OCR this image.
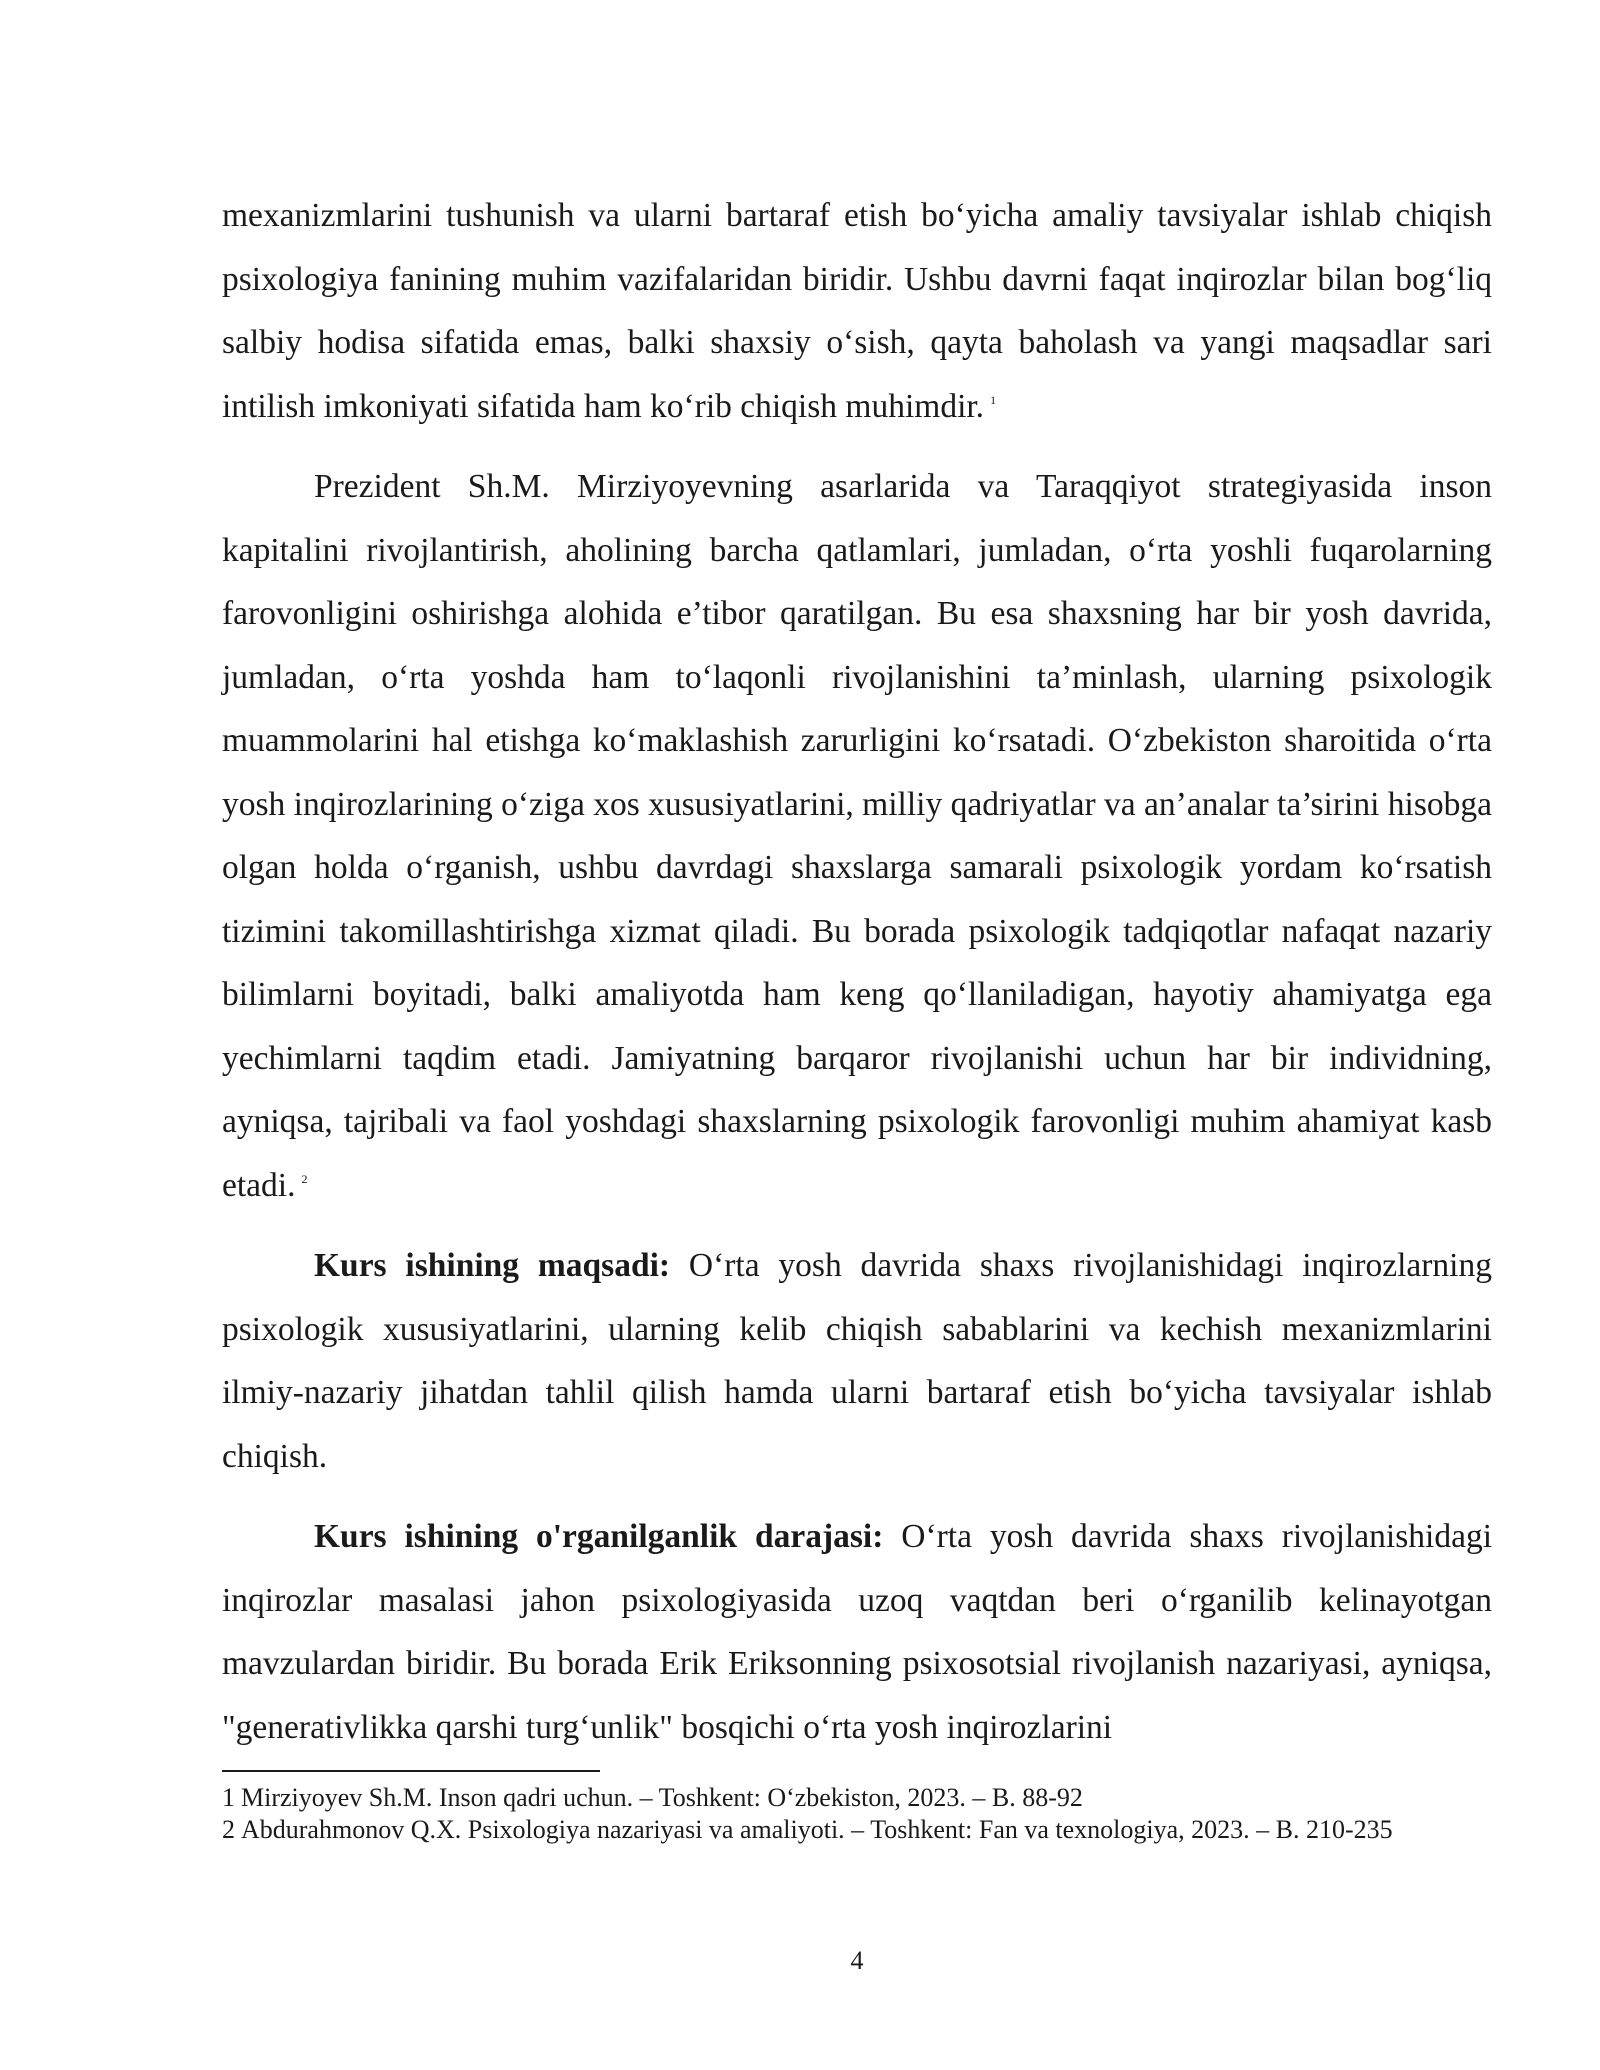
mexanizmlarini tushunish va ularni bartaraf etish bo‘yicha amaliy tavsiyalar ishlab chiqish psixologiya fanining muhim vazifalaridan biridir. Ushbu davrni faqat inqirozlar bilan bog‘liq salbiy hodisa sifatida emas, balki shaxsiy o‘sish, qayta baholash va yangi maqsadlar sari intilish imkoniyati sifatida ham ko‘rib chiqish muhimdir. $^1$

Prezident Sh.M. Mirziyoyevning asarlarida va Taraqqiyot strategiyasida inson kapitalini rivojlantirish, aholining barcha qatlamlari, jumladan, o‘rta yoshli fuqarolarning farovonligini oshirishga alohida e’tibor qaratilgan. Bu esa shaxsning har bir yosh davrida, jumladan, o‘rta yoshda ham to‘laqonli rivojlanishini ta’minlash, ularning psixologik muammolarini hal etishga ko‘maklashish zarurligini ko‘rsatadi. O‘zbekiston sharoitida o‘rta yosh inqirozlarining o‘ziga xos xususiyatlarini, milliy qadriyatlar va an’analar ta’sirini hisobga olgan holda o‘rganish, ushbu davrdagi shaxslarga samarali psixologik yordam ko‘rsatish tizimini takomillashtirishga xizmat qiladi. Bu borada psixologik tadqiqotlar nafaqat nazariy bilimlarni boyitadi, balki amaliyotda ham keng qo‘llaniladigan, hayotiy ahamiyatga ega yechimlarni taqdim etadi. Jamiyatning barqaror rivojlanishi uchun har bir individning, ayniqsa, tajribali va faol yoshdagi shaxslarning psixologik farovonligi muhim ahamiyat kasb etadi. $^2$

Kurs ishining maqsadi: O‘rta yosh davrida shaxs rivojlanishidagi inqirozlarning psixologik xususiyatlarini, ularning kelib chiqish sabablarini va kechish mexanizmlarini ilmiy-nazariy jihatdan tahlil qilish hamda ularni bartaraf etish bo‘yicha tavsiyalar ishlab chiqish.

Kurs ishining o'rganilganlik darajasi: O‘rta yosh davrida shaxs rivojlanishidagi inqirozlar masalasi jahon psixologiyasida uzoq vaqtdan beri o‘rganilib kelinayotgan mavzulardan biridir. Bu borada Erik Eriksonning psixosotsial rivojlanish nazariyasi, ayniqsa, "generativlikka qarshi turg‘unlik" bosqichi o‘rta yosh inqirozlarini

1 Mirziyoyev Sh.M. Inson qadri uchun. – Toshkent: O‘zbekiston, 2023. – B. 88-92

2 Abdurahmonov Q.X. Psixologiya nazariyasi va amaliyoti. – Toshkent: Fan va texnologiya, 2023. – B. 210-235

4
